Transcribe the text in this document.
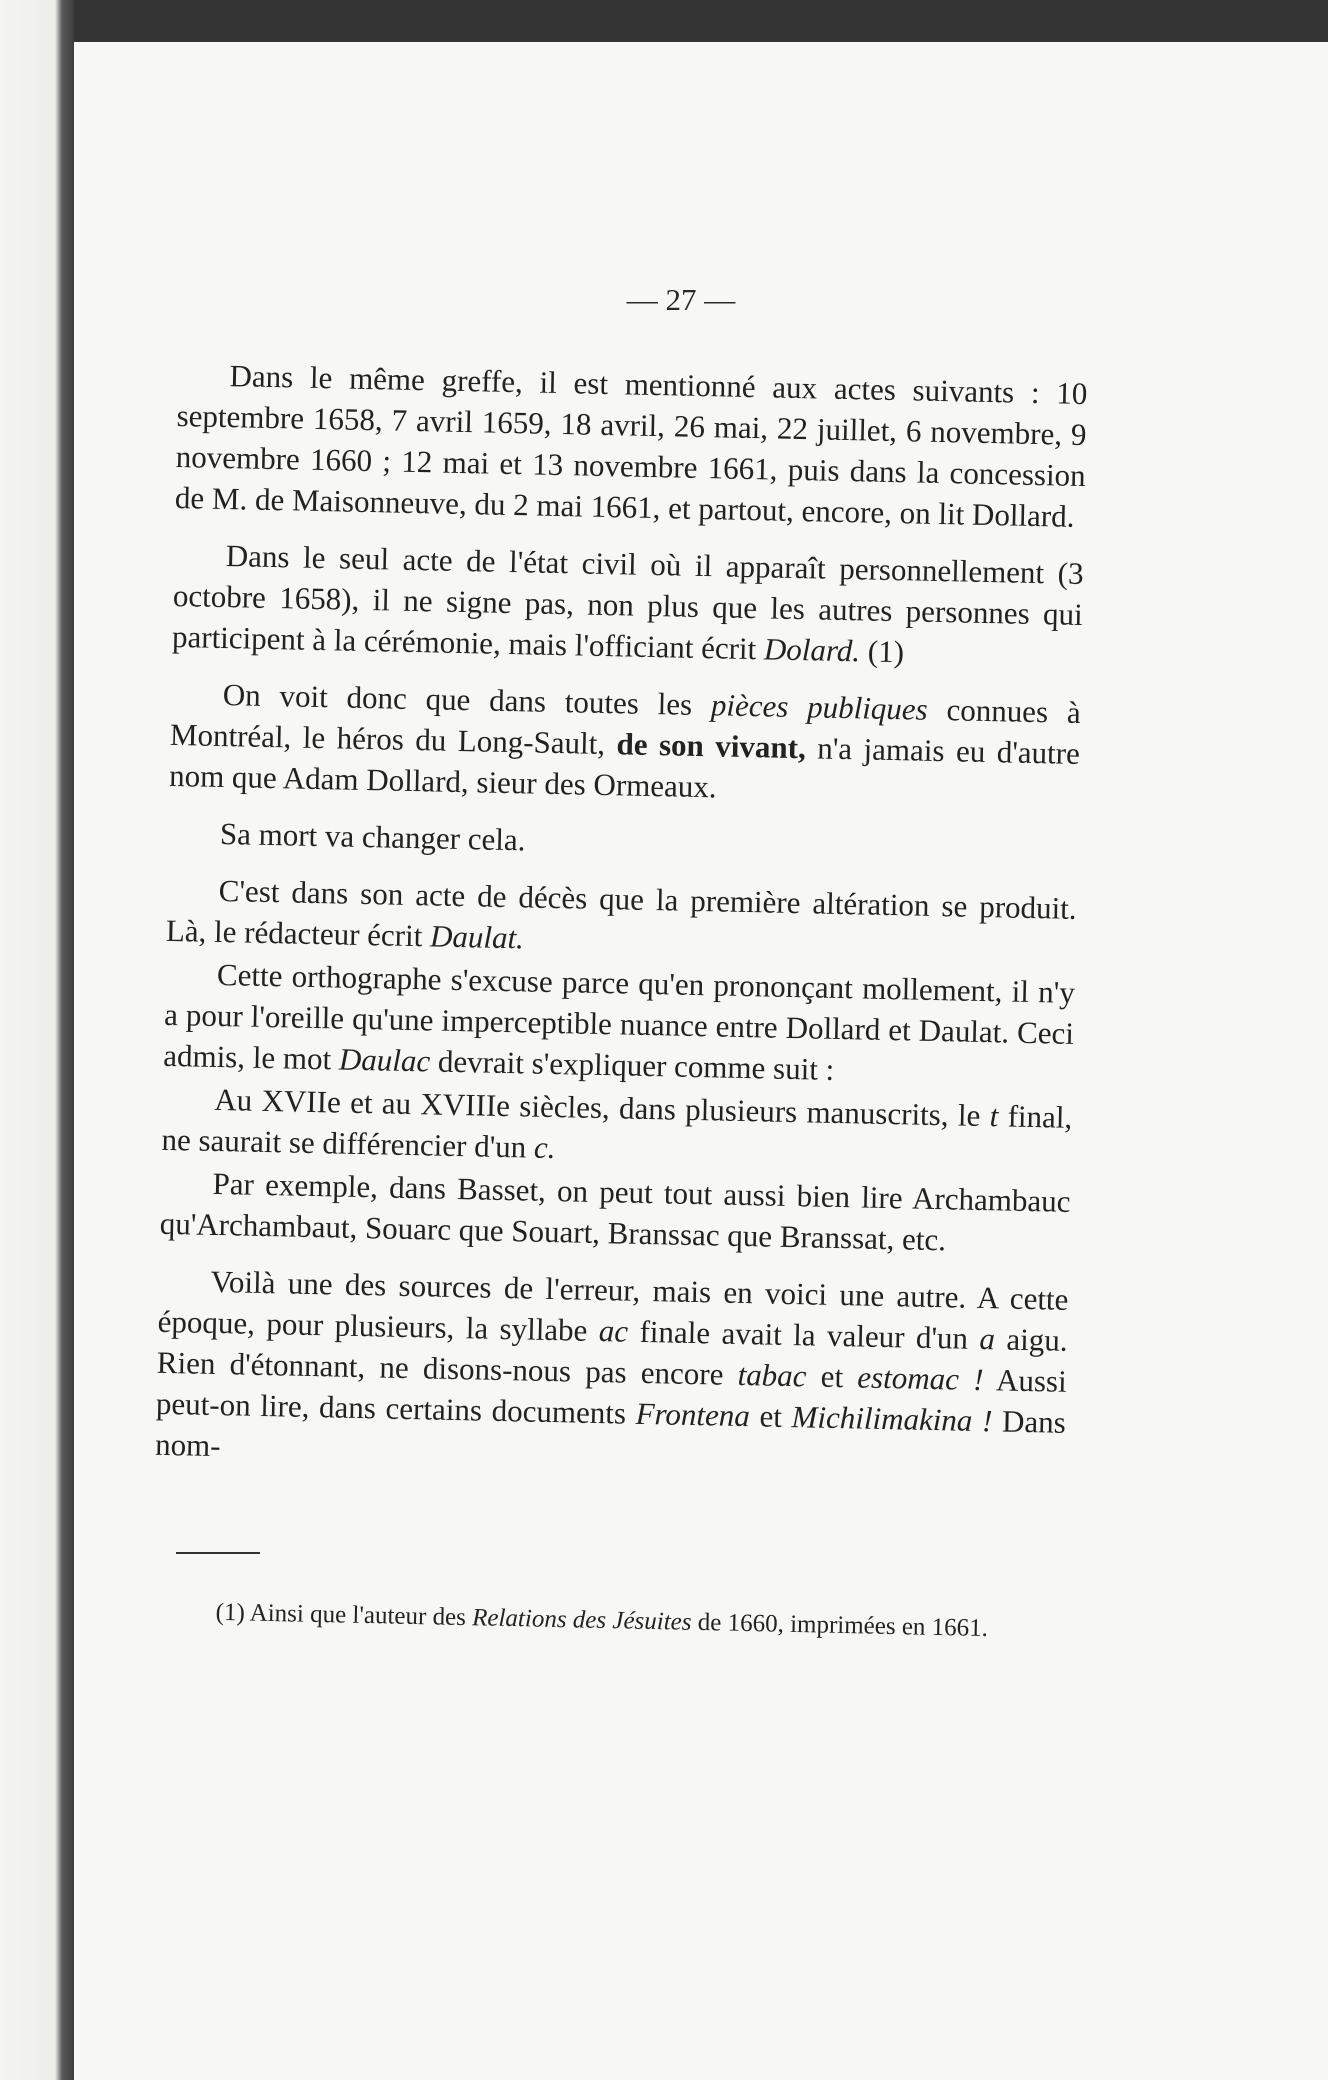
— 27 —

Dans le même greffe, il est mentionné aux actes suivants : 10 septembre 1658, 7 avril 1659, 18 avril, 26 mai, 22 juillet, 6 novembre, 9 novembre 1660 ; 12 mai et 13 novembre 1661, puis dans la concession de M. de Maisonneuve, du 2 mai 1661, et partout, encore, on lit Dollard.

Dans le seul acte de l'état civil où il apparaît personnellement (3 octobre 1658), il ne signe pas, non plus que les autres personnes qui participent à la cérémonie, mais l'officiant écrit Dolard. (1)

On voit donc que dans toutes les pièces publiques connues à Montréal, le héros du Long-Sault, de son vivant, n'a jamais eu d'autre nom que Adam Dollard, sieur des Ormeaux.

Sa mort va changer cela.

C'est dans son acte de décès que la première altération se produit. Là, le rédacteur écrit Daulat.

Cette orthographe s'excuse parce qu'en prononçant mollement, il n'y a pour l'oreille qu'une imperceptible nuance entre Dollard et Daulat. Ceci admis, le mot Daulac devrait s'expliquer comme suit :

Au XVIIe et au XVIIIe siècles, dans plusieurs manuscrits, le t final, ne saurait se différencier d'un c.

Par exemple, dans Basset, on peut tout aussi bien lire Archambauc qu'Archambaut, Souarc que Souart, Branssac que Branssat, etc.

Voilà une des sources de l'erreur, mais en voici une autre. A cette époque, pour plusieurs, la syllabe ac finale avait la valeur d'un a aigu. Rien d'étonnant, ne disons-nous pas encore tabac et estomac ! Aussi peut-on lire, dans certains documents Frontena et Michilimakina ! Dans nom-

(1) Ainsi que l'auteur des Relations des Jésuites de 1660, imprimées en 1661.
